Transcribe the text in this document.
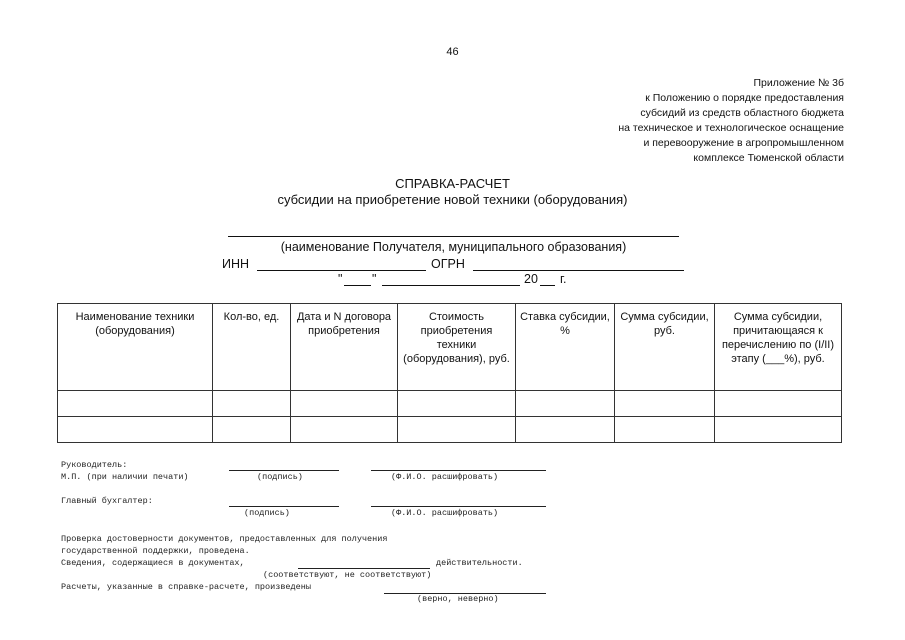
46
Приложение № 3б
к Положению о порядке предоставления
субсидий из средств областного бюджета
на техническое и технологическое оснащение
и перевооружение в агропромышленном
комплексе Тюменской области
СПРАВКА-РАСЧЕТ
субсидии на приобретение новой техники (оборудования)
(наименование Получателя, муниципального образования)
ИНН	ОГРН
" "	20 г.
Наименование техники (оборудования)	Кол-во, ед.	Дата и N договора приобретения	Стоимость приобретения техники (оборудования), руб.	Ставка субсидии, %	Сумма субсидии, руб.	Сумма субсидии, причитающаяся к перечислению по (I/II) этапу (___%), руб.

Руководитель:
М.П. (при наличии печати)	(подпись)	(Ф.И.О. расшифровать)
Главный бухгалтер:
(подпись)	(Ф.И.О. расшифровать)
Проверка достоверности документов, предоставленных для получения
государственной поддержки, проведена.
Сведения, содержащиеся в документах,	действительности.
(соответствуют, не соответствуют)
Расчеты, указанные в справке-расчете, произведены
(верно, неверно)
